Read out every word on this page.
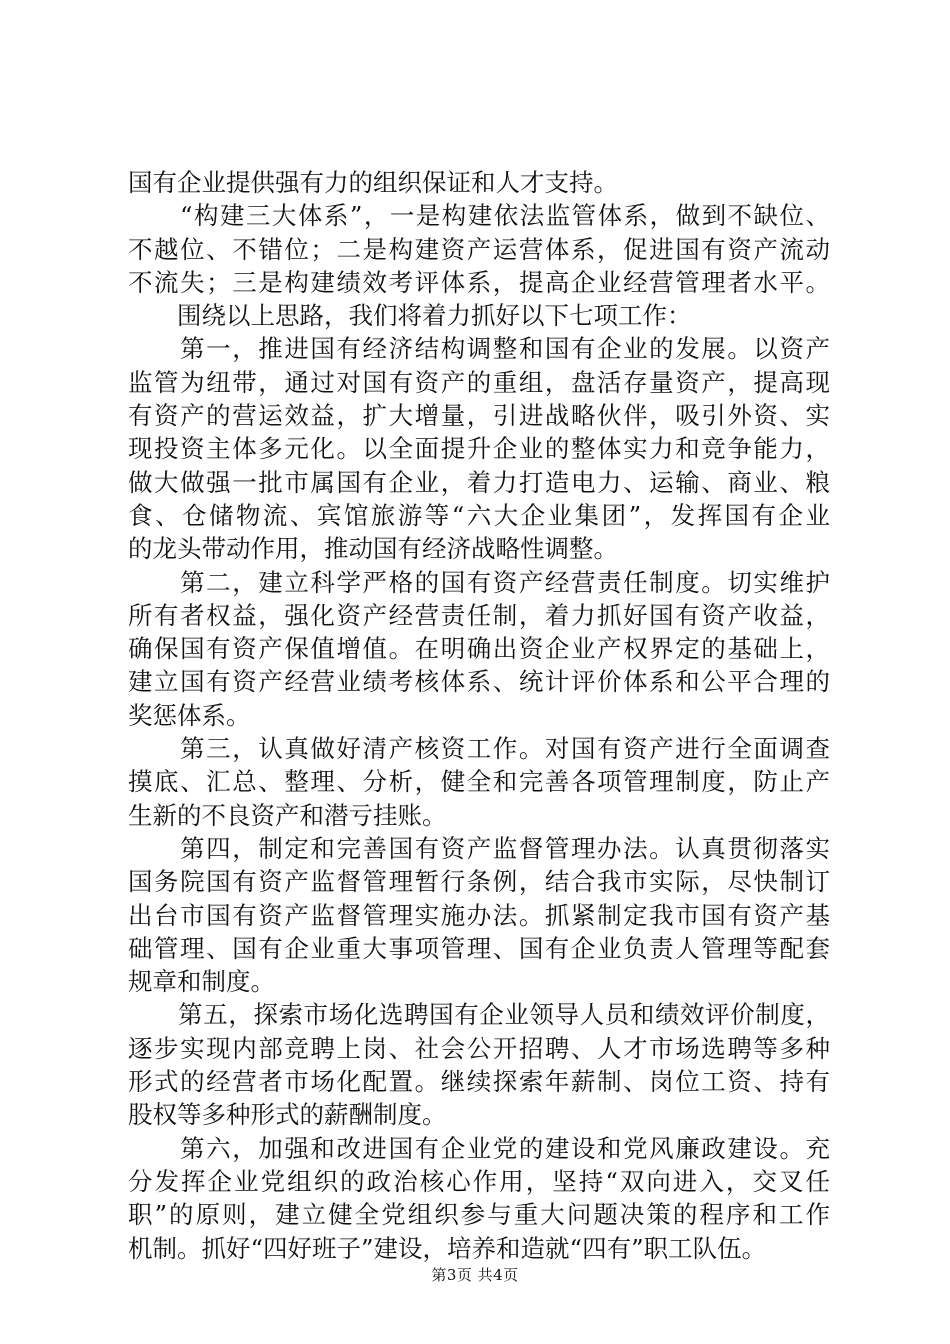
国有企业提供强有力的组织保证和人才支持。
　　“构建三大体系”，一是构建依法监管体系，做到不缺位、
不越位、不错位；二是构建资产运营体系，促进国有资产流动
不流失；三是构建绩效考评体系，提高企业经营管理者水平。
　　围绕以上思路，我们将着力抓好以下七项工作：
　　第一，推进国有经济结构调整和国有企业的发展。以资产
监管为纽带，通过对国有资产的重组，盘活存量资产，提高现
有资产的营运效益，扩大增量，引进战略伙伴，吸引外资、实
现投资主体多元化。以全面提升企业的整体实力和竞争能力，
做大做强一批市属国有企业，着力打造电力、运输、商业、粮
食、仓储物流、宾馆旅游等“六大企业集团”，发挥国有企业
的龙头带动作用，推动国有经济战略性调整。
　　第二，建立科学严格的国有资产经营责任制度。切实维护
所有者权益，强化资产经营责任制，着力抓好国有资产收益，
确保国有资产保值增值。在明确出资企业产权界定的基础上，
建立国有资产经营业绩考核体系、统计评价体系和公平合理的
奖惩体系。
　　第三，认真做好清产核资工作。对国有资产进行全面调查
摸底、汇总、整理、分析，健全和完善各项管理制度，防止产
生新的不良资产和潜亏挂账。
　　第四，制定和完善国有资产监督管理办法。认真贯彻落实
国务院国有资产监督管理暂行条例，结合我市实际，尽快制订
出台市国有资产监督管理实施办法。抓紧制定我市国有资产基
础管理、国有企业重大事项管理、国有企业负责人管理等配套
规章和制度。
　　第五，探索市场化选聘国有企业领导人员和绩效评价制度，
逐步实现内部竞聘上岗、社会公开招聘、人才市场选聘等多种
形式的经营者市场化配置。继续探索年薪制、岗位工资、持有
股权等多种形式的薪酬制度。
　　第六，加强和改进国有企业党的建设和党风廉政建设。充
分发挥企业党组织的政治核心作用，坚持“双向进入，交叉任
职”的原则，建立健全党组织参与重大问题决策的程序和工作
机制。抓好“四好班子”建设，培养和造就“四有”职工队伍。
第3页 共4页
